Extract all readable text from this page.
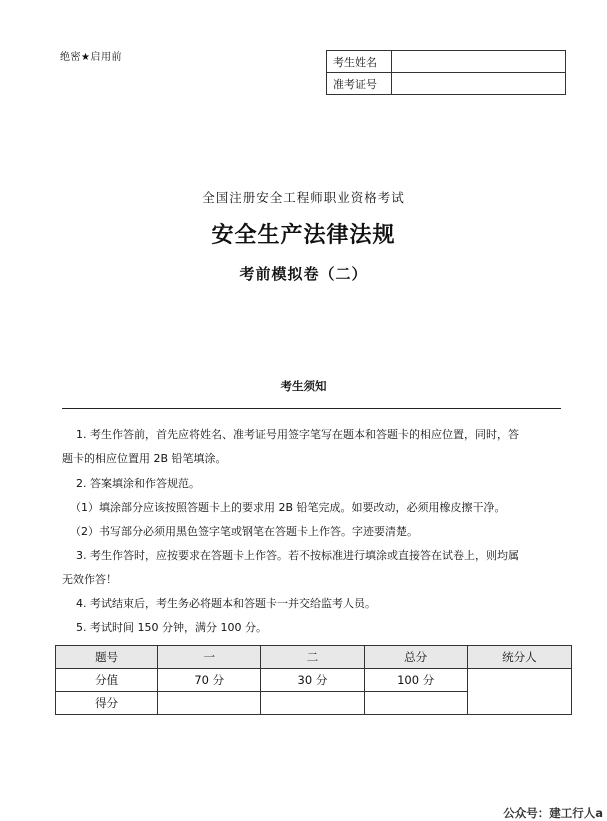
绝密★启用前	考生姓名	
准考证号	
全国注册安全工程师职业资格考试
安全生产法律法规
考前模拟卷（二）
考生须知
1. 考生作答前，首先应将姓名、准考证号用签字笔写在题本和答题卡的相应位置，同时，答
题卡的相应位置用 2B 铅笔填涂。
2. 答案填涂和作答规范。
（1）填涂部分应该按照答题卡上的要求用 2B 铅笔完成。如要改动，必须用橡皮擦干净。
（2）书写部分必须用黑色签字笔或钢笔在答题卡上作答。字迹要清楚。
3. 考生作答时，应按要求在答题卡上作答。若不按标准进行填涂或直接答在试卷上，则均属
无效作答！
4. 考试结束后，考生务必将题本和答题卡一并交给监考人员。
5. 考试时间 150 分钟，满分 100 分。
题号	一	二	总分	统分人
分值	70 分	30 分	100 分	
得分				
公众号：建工行人a
